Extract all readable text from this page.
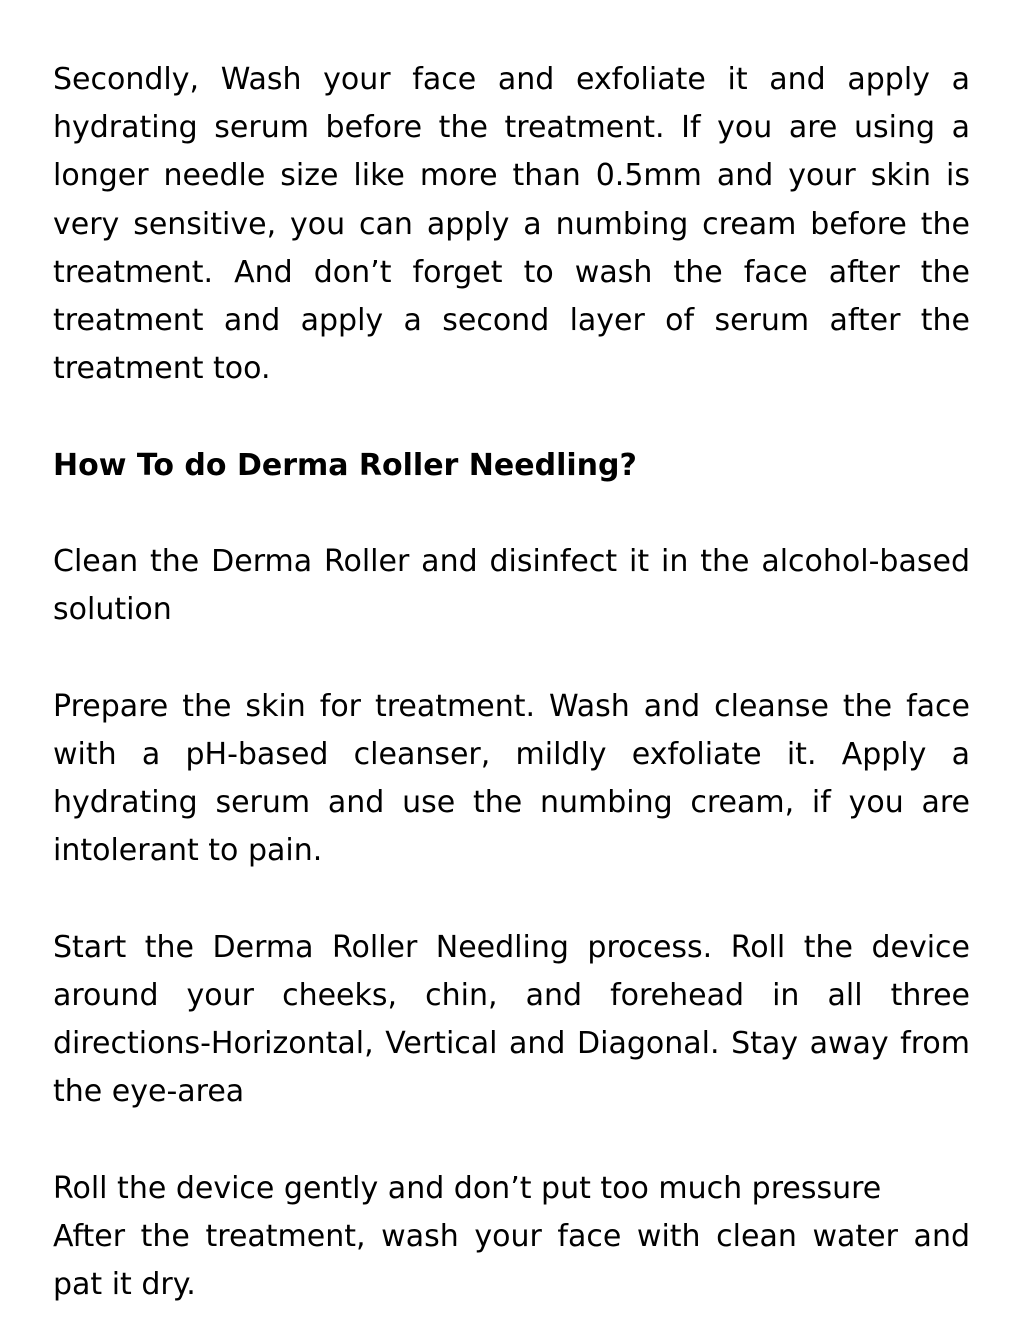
Secondly, Wash your face and exfoliate it and apply a hydrating serum before the treatment. If you are using a longer needle size like more than 0.5mm and your skin is very sensitive, you can apply a numbing cream before the treatment. And don’t forget to wash the face after the treatment and apply a second layer of serum after the treatment too.

How To do Derma Roller Needling?

Clean the Derma Roller and disinfect it in the alcohol-based solution

Prepare the skin for treatment. Wash and cleanse the face with a pH-based cleanser, mildly exfoliate it. Apply a hydrating serum and use the numbing cream, if you are intolerant to pain.

Start the Derma Roller Needling process. Roll the device around your cheeks, chin, and forehead in all three directions-Horizontal, Vertical and Diagonal. Stay away from the eye-area

Roll the device gently and don’t put too much pressure

After the treatment, wash your face with clean water and pat it dry.
